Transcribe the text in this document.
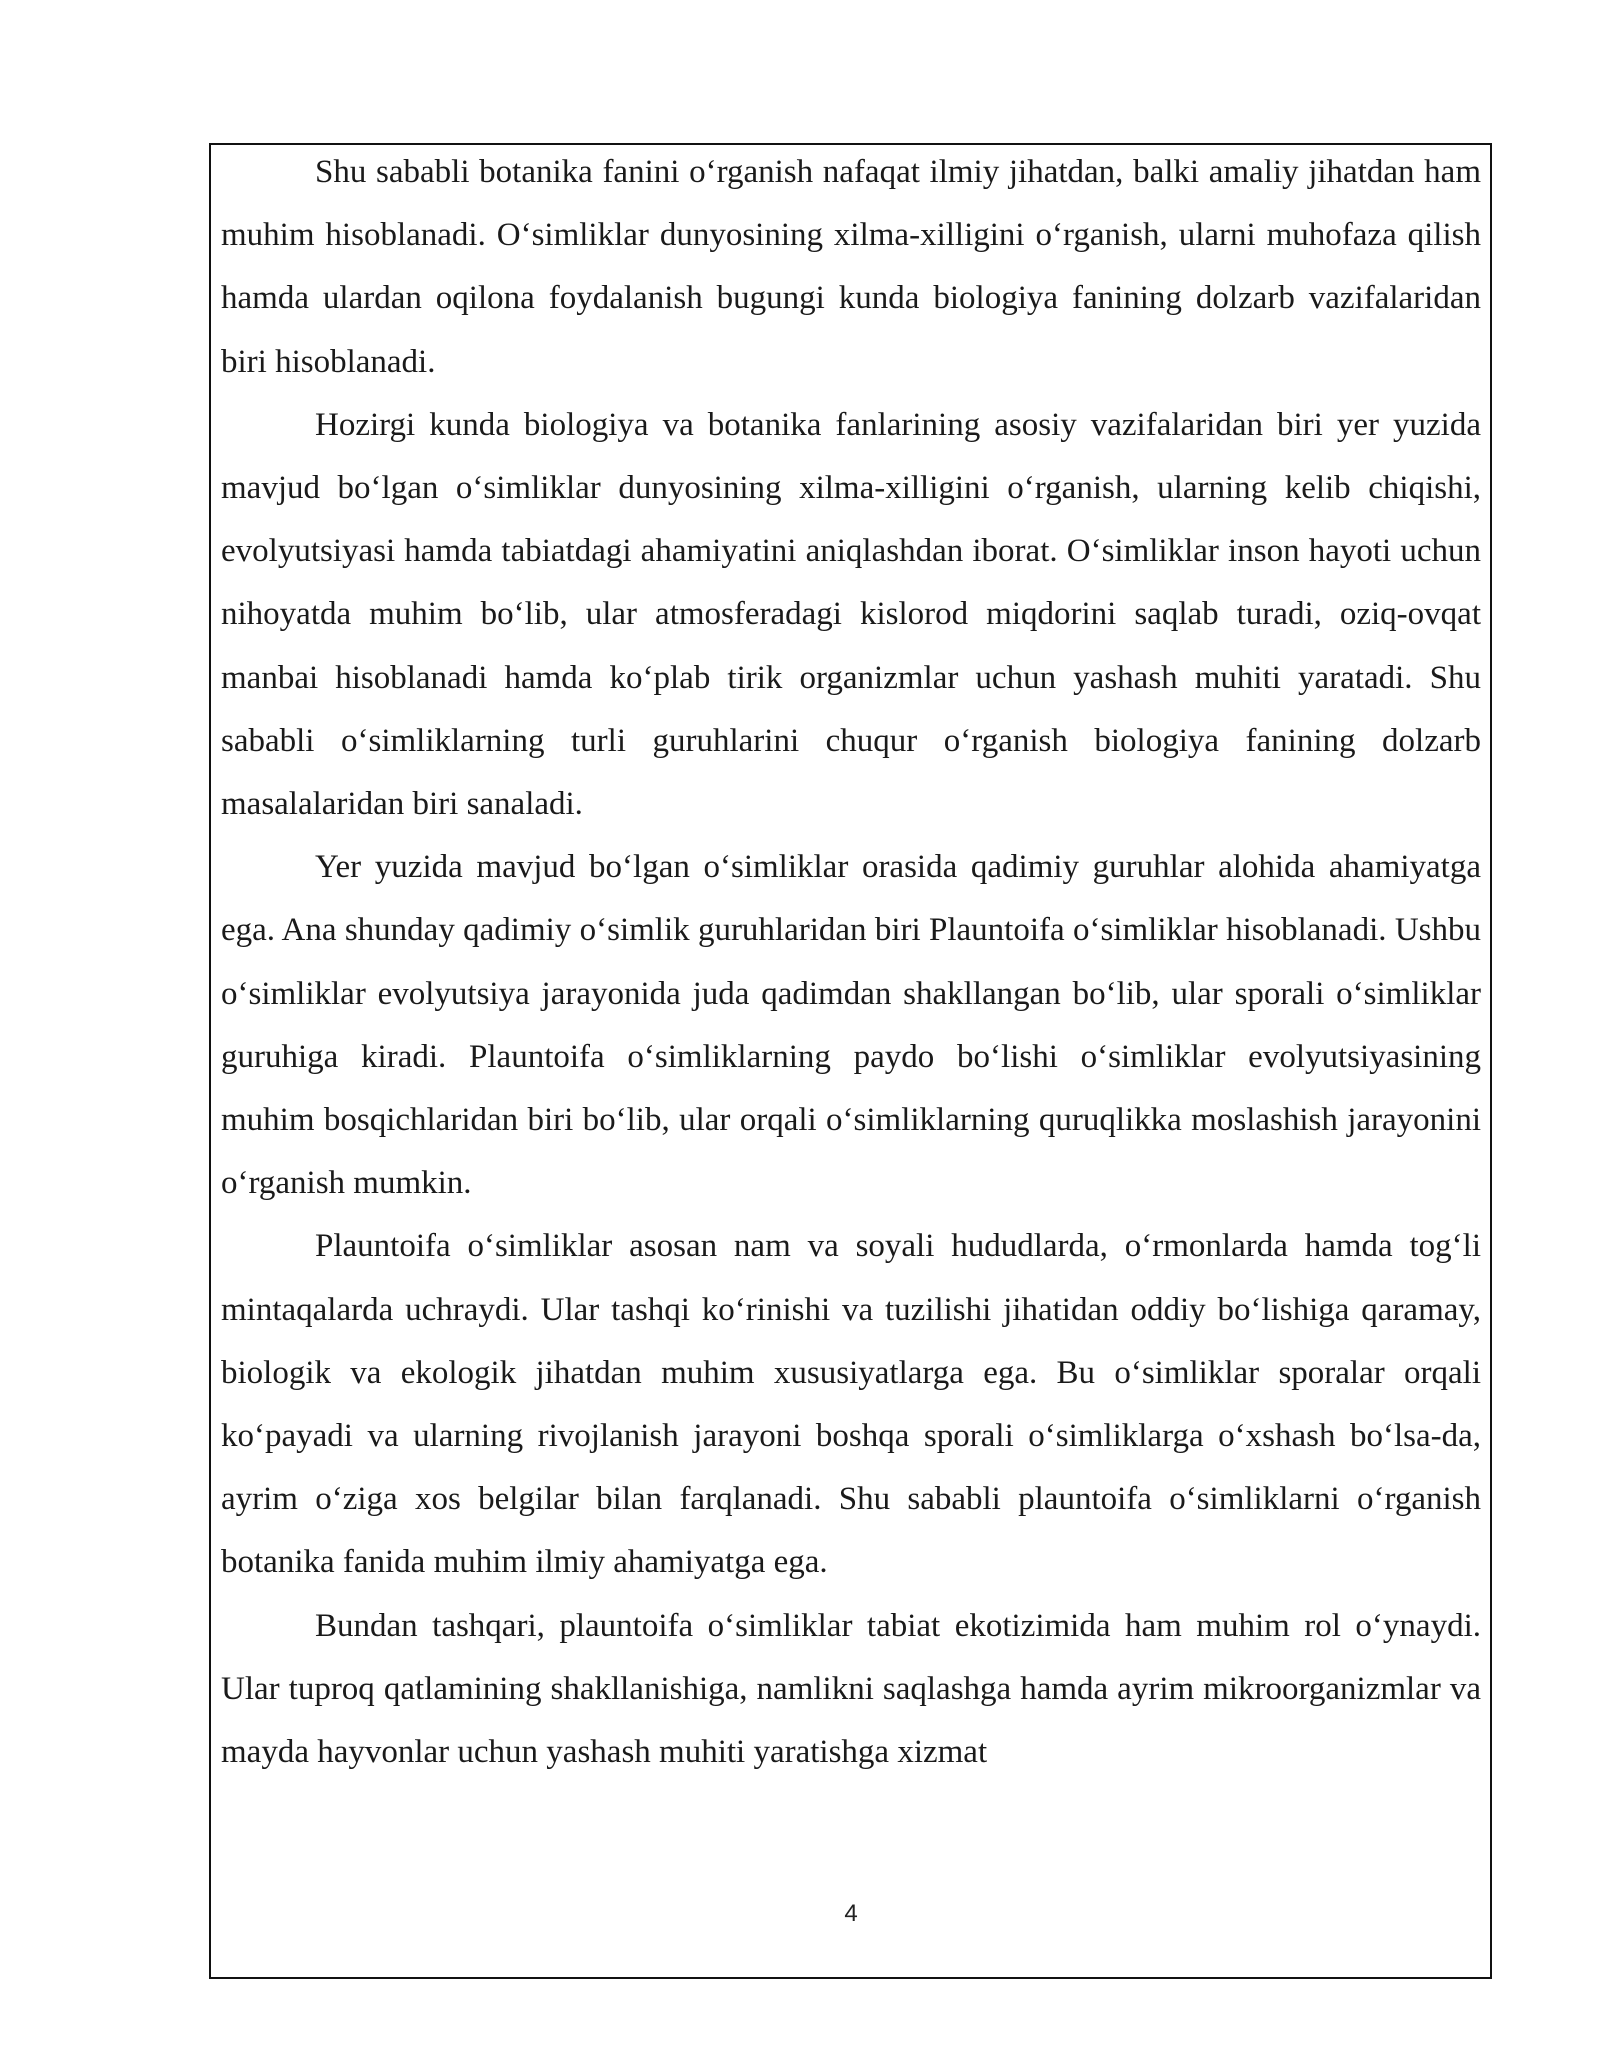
Shu sababli botanika fanini oʻrganish nafaqat ilmiy jihatdan, balki amaliy jihatdan ham muhim hisoblanadi. Oʻsimliklar dunyosining xilma-xilligini oʻrganish, ularni muhofaza qilish hamda ulardan oqilona foydalanish bugungi kunda biologiya fanining dolzarb vazifalaridan biri hisoblanadi.

Hozirgi kunda biologiya va botanika fanlarining asosiy vazifalaridan biri yer yuzida mavjud boʻlgan oʻsimliklar dunyosining xilma-xilligini oʻrganish, ularning kelib chiqishi, evolyutsiyasi hamda tabiatdagi ahamiyatini aniqlashdan iborat. Oʻsimliklar inson hayoti uchun nihoyatda muhim boʻlib, ular atmosferadagi kislorod miqdorini saqlab turadi, oziq-ovqat manbai hisoblanadi hamda koʻplab tirik organizmlar uchun yashash muhiti yaratadi. Shu sababli oʻsimliklarning turli guruhlarini chuqur oʻrganish biologiya fanining dolzarb masalalaridan biri sanaladi.

Yer yuzida mavjud boʻlgan oʻsimliklar orasida qadimiy guruhlar alohida ahamiyatga ega. Ana shunday qadimiy oʻsimlik guruhlaridan biri Plauntoifa oʻsimliklar hisoblanadi. Ushbu oʻsimliklar evolyutsiya jarayonida juda qadimdan shakllangan boʻlib, ular sporali oʻsimliklar guruhiga kiradi. Plauntoifa oʻsimliklarning paydo boʻlishi oʻsimliklar evolyutsiyasining muhim bosqichlaridan biri boʻlib, ular orqali oʻsimliklarning quruqlikka moslashish jarayonini oʻrganish mumkin.

Plauntoifa oʻsimliklar asosan nam va soyali hududlarda, oʻrmonlarda hamda togʻli mintaqalarda uchraydi. Ular tashqi koʻrinishi va tuzilishi jihatidan oddiy boʻlishiga qaramay, biologik va ekologik jihatdan muhim xususiyatlarga ega. Bu oʻsimliklar sporalar orqali koʻpayadi va ularning rivojlanish jarayoni boshqa sporali oʻsimliklarga oʻxshash boʻlsa-da, ayrim oʻziga xos belgilar bilan farqlanadi. Shu sababli plauntoifa oʻsimliklarni oʻrganish botanika fanida muhim ilmiy ahamiyatga ega.

Bundan tashqari, plauntoifa oʻsimliklar tabiat ekotizimida ham muhim rol oʻynaydi. Ular tuproq qatlamining shakllanishiga, namlikni saqlashga hamda ayrim mikroorganizmlar va mayda hayvonlar uchun yashash muhiti yaratishga xizmat

4
